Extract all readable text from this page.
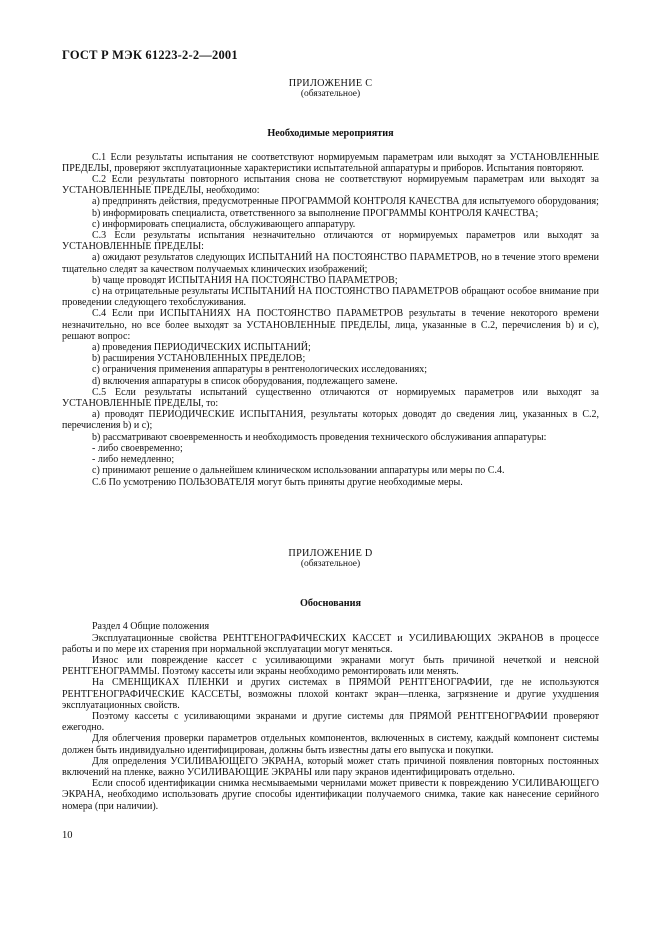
ГОСТ Р МЭК 61223-2-2—2001
ПРИЛОЖЕНИЕ С
(обязательное)
Необходимые мероприятия

С.1 Если результаты испытания не соответствуют нормируемым параметрам или выходят за УСТАНОВЛЕННЫЕ ПРЕДЕЛЫ, проверяют эксплуатационные характеристики испытательной аппаратуры и приборов. Испытания повторяют.

С.2 Если результаты повторного испытания снова не соответствуют нормируемым параметрам или выходят за УСТАНОВЛЕННЫЕ ПРЕДЕЛЫ, необходимо:

а) предпринять действия, предусмотренные ПРОГРАММОЙ КОНТРОЛЯ КАЧЕСТВА для испытуемого оборудования;

b) информировать специалиста, ответственного за выполнение ПРОГРАММЫ КОНТРОЛЯ КАЧЕСТВА;

с) информировать специалиста, обслуживающего аппаратуру.

С.3 Если результаты испытания незначительно отличаются от нормируемых параметров или выходят за УСТАНОВЛЕННЫЕ ПРЕДЕЛЫ:

а) ожидают результатов следующих ИСПЫТАНИЙ НА ПОСТОЯНСТВО ПАРАМЕТРОВ, но в течение этого времени тщательно следят за качеством получаемых клинических изображений;

b) чаще проводят ИСПЫТАНИЯ НА ПОСТОЯНСТВО ПАРАМЕТРОВ;

с) на отрицательные результаты ИСПЫТАНИЙ НА ПОСТОЯНСТВО ПАРАМЕТРОВ обращают особое внимание при проведении следующего техобслуживания.

С.4 Если при ИСПЫТАНИЯХ НА ПОСТОЯНСТВО ПАРАМЕТРОВ результаты в течение некоторого времени незначительно, но все более выходят за УСТАНОВЛЕННЫЕ ПРЕДЕЛЫ, лица, указанные в С.2, перечисления b) и с), решают вопрос:

а) проведения ПЕРИОДИЧЕСКИХ ИСПЫТАНИЙ;

b) расширения УСТАНОВЛЕННЫХ ПРЕДЕЛОВ;

с) ограничения применения аппаратуры в рентгенологических исследованиях;

d) включения аппаратуры в список оборудования, подлежащего замене.

С.5 Если результаты испытаний существенно отличаются от нормируемых параметров или выходят за УСТАНОВЛЕННЫЕ ПРЕДЕЛЫ, то:

а) проводят ПЕРИОДИЧЕСКИЕ ИСПЫТАНИЯ, результаты которых доводят до сведения лиц, указанных в С.2, перечисления b) и с);

b) рассматривают своевременность и необходимость проведения технического обслуживания аппаратуры:

- либо своевременно;

- либо немедленно;

с) принимают решение о дальнейшем клиническом использовании аппаратуры или меры по С.4.

С.6 По усмотрению ПОЛЬЗОВАТЕЛЯ могут быть приняты другие необходимые меры.

ПРИЛОЖЕНИЕ D
(обязательное)
Обоснования

Раздел 4 Общие положения

Эксплуатационные свойства РЕНТГЕНОГРАФИЧЕСКИХ КАССЕТ и УСИЛИВАЮЩИХ ЭКРАНОВ в процессе работы и по мере их старения при нормальной эксплуатации могут меняться.

Износ или повреждение кассет с усиливающими экранами могут быть причиной нечеткой и неясной РЕНТГЕНОГРАММЫ. Поэтому кассеты или экраны необходимо ремонтировать или менять.

На СМЕНЩИКАХ ПЛЕНКИ и других системах в ПРЯМОЙ РЕНТГЕНОГРАФИИ, где не используются РЕНТГЕНОГРАФИЧЕСКИЕ КАССЕТЫ, возможны плохой контакт экран—пленка, загрязнение и другие ухудшения эксплуатационных свойств.

Поэтому кассеты с усиливающими экранами и другие системы для ПРЯМОЙ РЕНТГЕНОГРАФИИ проверяют ежегодно.

Для облегчения проверки параметров отдельных компонентов, включенных в систему, каждый компонент системы должен быть индивидуально идентифицирован, должны быть известны даты его выпуска и покупки.

Для определения УСИЛИВАЮЩЕГО ЭКРАНА, который может стать причиной появления повторных постоянных включений на пленке, важно УСИЛИВАЮЩИЕ ЭКРАНЫ или пару экранов идентифицировать отдельно.

Если способ идентификации снимка несмываемыми чернилами может привести к повреждению УСИЛИВАЮЩЕГО ЭКРАНА, необходимо использовать другие способы идентификации получаемого снимка, такие как нанесение серийного номера (при наличии).

10
